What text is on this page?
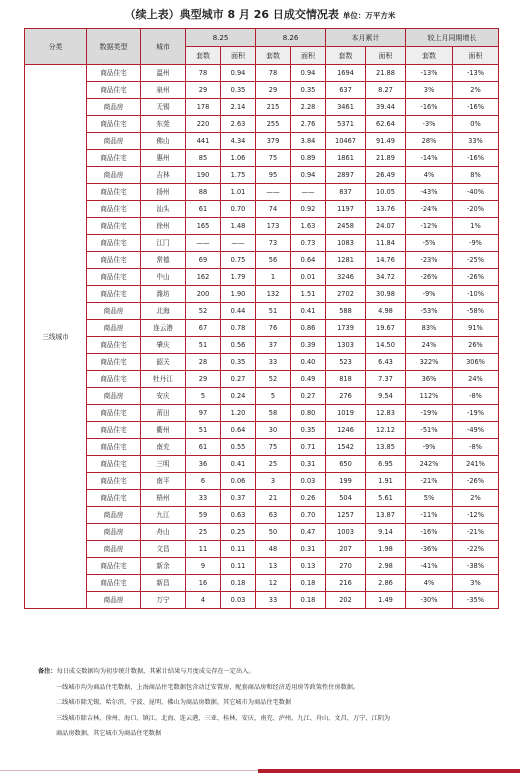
（续上表）典型城市 8 月 26 日成交情况表 单位：万平方米
分类	数据类型	城市	8.25		8.26		本月累计		较上月同期增长	
			套数	面积	套数	面积	套数	面积	套数	面积
三线城市	商品住宅	温州	78	0.94	78	0.94	1694	21.88	-13%	-13%
	商品住宅	泉州	29	0.35	29	0.35	637	8.27	3%	2%
	商品房	无锡	178	2.14	215	2.28	3461	39.44	-16%	-16%
	商品住宅	东莞	220	2.63	255	2.76	5371	62.64	-3%	0%
	商品房	佛山	441	4.34	379	3.84	10467	91.49	28%	33%
	商品住宅	惠州	85	1.06	75	0.89	1861	21.89	-14%	-16%
	商品房	吉林	190	1.75	95	0.94	2897	26.49	4%	8%
	商品住宅	扬州	88	1.01	——	——	837	10.05	-43%	-40%
	商品住宅	汕头	61	0.70	74	0.92	1197	13.76	-24%	-20%
	商品住宅	徐州	165	1.48	173	1.63	2458	24.07	-12%	1%
	商品住宅	江门	——	——	73	0.73	1083	11.84	-5%	-9%
	商品住宅	常德	69	0.75	56	0.64	1281	14.76	-23%	-25%
	商品住宅	中山	162	1.79	1	0.01	3246	34.72	-26%	-26%
	商品住宅	潍坊	200	1.90	132	1.51	2702	30.98	-9%	-10%
	商品房	北海	52	0.44	51	0.41	588	4.98	-53%	-58%
	商品房	连云港	67	0.78	76	0.86	1739	19.67	83%	91%
	商品住宅	肇庆	51	0.56	37	0.39	1303	14.50	24%	26%
	商品住宅	韶关	28	0.35	33	0.40	523	6.43	322%	306%
	商品住宅	牡丹江	29	0.27	52	0.49	818	7.37	36%	24%
	商品房	安庆	5	0.24	5	0.27	276	9.54	112%	-8%
	商品住宅	莆田	97	1.20	58	0.80	1019	12.83	-19%	-19%
	商品住宅	衢州	51	0.64	30	0.35	1246	12.12	-51%	-49%
	商品住宅	南充	61	0.55	75	0.71	1542	13.85	-9%	-8%
	商品住宅	三明	36	0.41	25	0.31	650	6.95	242%	241%
	商品住宅	南平	6	0.06	3	0.03	199	1.91	-21%	-26%
	商品住宅	梧州	33	0.37	21	0.26	504	5.61	5%	2%
	商品房	九江	59	0.63	63	0.70	1257	13.87	-11%	-12%
	商品房	舟山	25	0.25	50	0.47	1003	9.14	-16%	-21%
	商品房	文昌	11	0.11	48	0.31	207	1.98	-36%	-22%
	商品住宅	新余	9	0.11	13	0.13	270	2.98	-41%	-38%
	商品住宅	新昌	16	0.18	12	0.18	216	2.86	4%	3%
	商品房	万宁	4	0.03	33	0.18	202	1.49	-30%	-35%
备注：每日成交数据均为初步统计数据，其累计结果与月度成交存在一定出入。
一线城市均为商品住宅数据，上海商品住宅数据包含动迁安置房、配套商品房和经济适用房等政策性住房数据。
二线城市除无锡、哈尔滨、宁波、昆明、佛山为商品房数据，其它城市为商品住宅数据
三线城市除吉林、徐州、海口、镇江、北海、连云港、三亚、桂林、安庆、南充、泸州、九江、舟山、文昌、万宁、江阴为
商品房数据，其它城市为商品住宅数据
